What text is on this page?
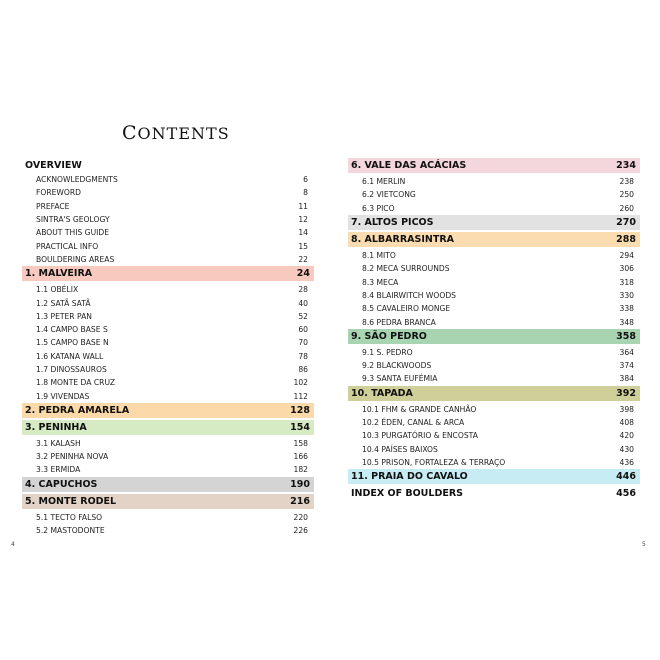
CONTENTS
OVERVIEW
ACKNOWLEDGMENTS	6
FOREWORD	8
PREFACE	11
SINTRA'S GEOLOGY	12
ABOUT THIS GUIDE	14
PRACTICAL INFO	15
BOULDERING AREAS	22
1. MALVEIRA	24
1.1 OBÉLIX	28
1.2 SATÃ SATÃ	40
1.3 PETER PAN	52
1.4 CAMPO BASE S	60
1.5 CAMPO BASE N	70
1.6 KATANA WALL	78
1.7 DINOSSAUROS	86
1.8 MONTE DA CRUZ	102
1.9 VIVENDAS	112
2. PEDRA AMARELA	128
3. PENINHA	154
3.1 KALASH	158
3.2 PENINHA NOVA	166
3.3 ERMIDA	182
4. CAPUCHOS	190
5. MONTE RODEL	216
5.1 TECTO FALSO	220
5.2 MASTODONTE	226
4
6. VALE DAS ACÁCIAS	234
6.1 MERLIN	238
6.2 VIETCONG	250
6.3 PICO	260
7. ALTOS PICOS	270
8. ALBARRASINTRA	288
8.1 MITO	294
8.2 MECA SURROUNDS	306
8.3 MECA	318
8.4 BLAIRWITCH WOODS	330
8.5 CAVALEIRO MONGE	338
8.6 PEDRA BRANCA	348
9. SÃO PEDRO	358
9.1 S. PEDRO	364
9.2 BLACKWOODS	374
9.3 SANTA EUFÉMIA	384
10. TAPADA	392
10.1 FHM & GRANDE CANHÃO	398
10.2 ÉDEN, CANAL & ARCA	408
10.3 PURGATÓRIO & ENCOSTA	420
10.4 PAÍSES BAIXOS	430
10.5 PRISON, FORTALEZA & TERRAÇO	436
11. PRAIA DO CAVALO	446
INDEX OF BOULDERS	456
5
